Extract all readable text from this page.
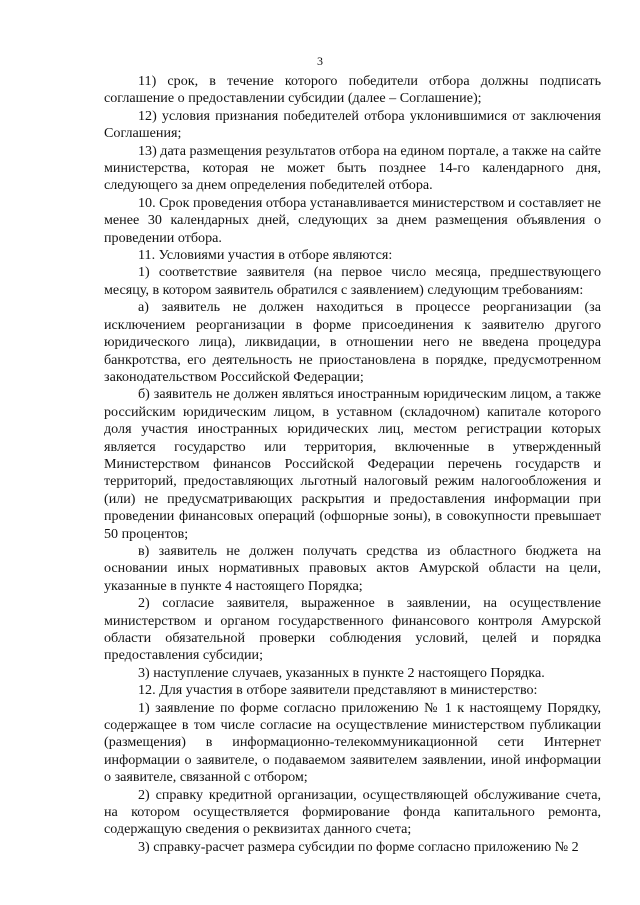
3

11) срок, в течение которого победители отбора должны подписать соглашение о предоставлении субсидии (далее – Соглашение);

12) условия признания победителей отбора уклонившимися от заключения Соглашения;

13) дата размещения результатов отбора на едином портале, а также на сайте министерства, которая не может быть позднее 14-го календарного дня, следующего за днем определения победителей отбора.

10. Срок проведения отбора устанавливается министерством и составляет не менее 30 календарных дней, следующих за днем размещения объявления о проведении отбора.

11. Условиями участия в отборе являются:

1) соответствие заявителя (на первое число месяца, предшествующего месяцу, в котором заявитель обратился с заявлением) следующим требованиям:

а) заявитель не должен находиться в процессе реорганизации (за исключением реорганизации в форме присоединения к заявителю другого юридического лица), ликвидации, в отношении него не введена процедура банкротства, его деятельность не приостановлена в порядке, предусмотренном законодательством Российской Федерации;

б) заявитель не должен являться иностранным юридическим лицом, а также российским юридическим лицом, в уставном (складочном) капитале которого доля участия иностранных юридических лиц, местом регистрации которых является государство или территория, включенные в утвержденный Министерством финансов Российской Федерации перечень государств и территорий, предоставляющих льготный налоговый режим налогообложения и (или) не предусматривающих раскрытия и предоставления информации при проведении финансовых операций (офшорные зоны), в совокупности превышает 50 процентов;

в) заявитель не должен получать средства из областного бюджета на основании иных нормативных правовых актов Амурской области на цели, указанные в пункте 4 настоящего Порядка;

2) согласие заявителя, выраженное в заявлении, на осуществление министерством и органом государственного финансового контроля Амурской области обязательной проверки соблюдения условий, целей и порядка предоставления субсидии;

3) наступление случаев, указанных в пункте 2 настоящего Порядка.

12. Для участия в отборе заявители представляют в министерство:

1) заявление по форме согласно приложению № 1 к настоящему Порядку, содержащее в том числе согласие на осуществление министерством публикации (размещения) в информационно-телекоммуникационной сети Интернет информации о заявителе, о подаваемом заявителем заявлении, иной информации о заявителе, связанной с отбором;

2) справку кредитной организации, осуществляющей обслуживание счета, на котором осуществляется формирование фонда капитального ремонта, содержащую сведения о реквизитах данного счета;

3) справку-расчет размера субсидии по форме согласно приложению № 2
